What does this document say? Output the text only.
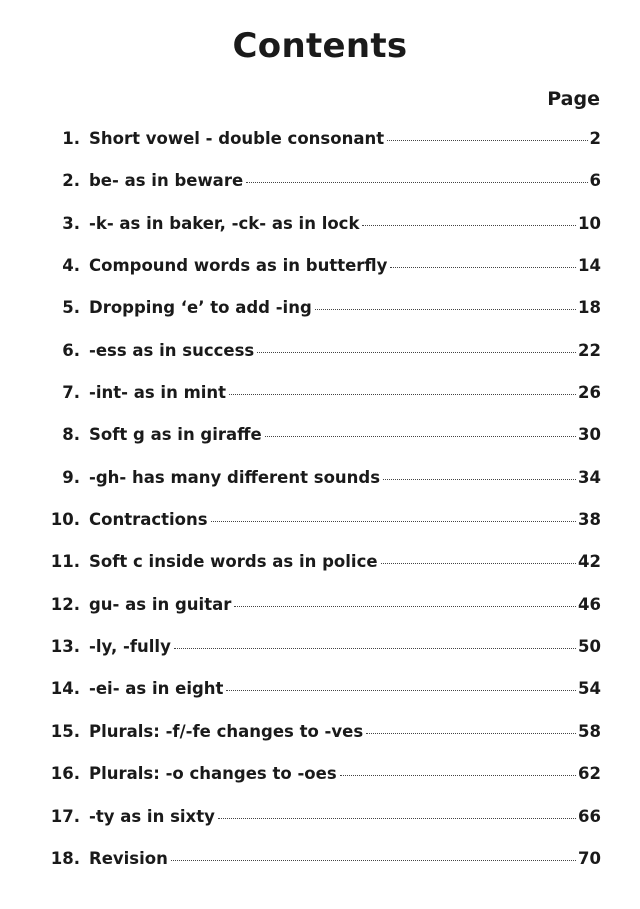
Contents
Page
1. Short vowel - double consonant	2
2. be- as in beware	6
3. -k- as in baker, -ck- as in lock	10
4. Compound words as in butterfly	14
5. Dropping ‘e’ to add -ing	18
6. -ess as in success	22
7. -int- as in mint	26
8. Soft g as in giraffe	30
9. -gh- has many different sounds	34
10. Contractions	38
11. Soft c inside words as in police	42
12. gu- as in guitar	46
13. -ly, -fully	50
14. -ei- as in eight	54
15. Plurals: -f/-fe changes to -ves	58
16. Plurals: -o changes to -oes	62
17. -ty as in sixty	66
18. Revision	70
